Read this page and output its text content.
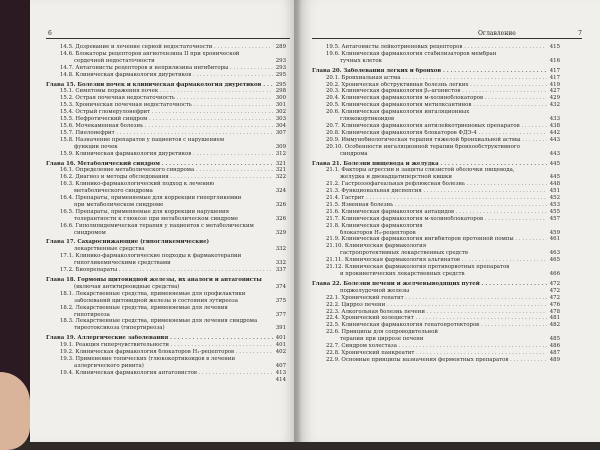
6
14.5. Дозревание и лечение серной недостаточности . . .	289
14.6. Блокаторы рецепторов ангиотензина II при хронической
сердечной недостаточности	293
14.7. Антагонисты рецепторов и неприлизина ингибиторы . . .	293
14.8. Клиническая фармакология диуретиков . . .	295
Глава 15. Болезни почек и клиническая фармакология диуретиков . . .	295
15.1. Симптомы поражения почек . . .	298
15.2. Острая почечная недостаточность . . .	300
15.3. Хроническая почечная недостаточность . . .	301
15.4. Острый гломерулонефрит . . .	302
15.5. Нефротический синдром . . .	303
15.6. Мочекаменная болезнь . . .	304
15.7. Пиелонефрит . . .	307
15.8. Назначение препаратов у пациентов с нарушением
функции почек	309
15.9. Клиническая фармакология диуретиков . . .	312
Глава 16. Метаболический синдром . . .	321
16.1. Определение метаболического синдрома . . .	321
16.2. Диагноз и методы обследования . . .	322
16.3. Клинико-фармакологический подход к лечению
метаболического синдрома	324
16.4. Препараты, применяемые для коррекции гипергликемии
при метаболическом синдроме	326
16.5. Препараты, применяемые для коррекции нарушения
толерантности к глюкозе при метаболическом синдроме	326
16.6. Гиполипидемическая терапия у пациентов с метаболическим
синдромом	329
Глава 17. Сахароснижающие (гипогликемические)
лекарственные средства	332
17.1. Клинико-фармакологические подходы к фармакотерапии
гипогликемическими средствами	332
17.2. Биопрепараты . . .	337
Глава 18. Гормоны щитовидной железы, их аналоги и антагонисты
(включая антитиреоидные средства)	374
18.1. Лекарственные средства, применяемые для профилактики
заболеваний щитовидной железы и состояния эутиреоза	375
18.2. Лекарственные средства, применяемые для лечения
гипотиреоза	377
18.3. Лекарственные средства, применяемые для лечения синдрома
тиреотоксикоза (гипертиреоза)	391
Глава 19. Аллергические заболевания . . .	401
19.1. Реакция гиперчувствительности . . .	401
19.2. Клиническая фармакология блокаторов H₁-рецепторов . . .	402
19.3. Применение топических (глюкокортикоидов в лечении
аллергического ринита)	407
19.4. Клиническая фармакология антагонистов . . .	413
414
Оглавление	7
19.5. Антагонисты лейкотриеновых рецепторов . . .	415
19.6. Клиническая фармакология стабилизаторов мембран
тучных клеток	416
Глава 20. Заболевания легких и бронхов . . .	417
20.1. Бронхиальная астма . . .	417
20.2. Хроническая обструктивная болезнь легких . . .	419
20.3. Клиническая фармакология β₂-агонистов . . .	427
20.4. Клиническая фармакология м-холиноблокаторов . . .	429
20.5. Клиническая фармакология метилксантинов . . .	432
20.6. Клиническая фармакология ингаляционных
глюкокортикоидов	433
20.7. Клиническая фармакология антилейкотриеновых препаратов . . .	438
20.8. Клиническая фармакология блокаторов ФДЭ-4 . . .	442
20.9. Иммунобиологическая терапия тяжелой бронхиальной астмы . . .	443
20.10. Особенности ингаляционной терапии бронхообструктивного
синдрома	443
Глава 21. Болезни пищевода и желудка . . .	445
21.1. Факторы агрессии и защиты слизистой оболочки пищевода,
желудка и двенадцатиперстной кишки	445
21.2. Гастроэзофагеальная рефлюксная болезнь . . .	448
21.3. Функциональная диспепсия . . .	451
21.4. Гастрит . . .	452
21.5. Язвенная болезнь . . .	453
21.6. Клиническая фармакология антацидов . . .	455
21.7. Клиническая фармакология м-холиноблокаторов . . .	457
21.8. Клиническая фармакология
блокаторов H₂-рецепторов	459
21.9. Клиническая фармакология ингибиторов протонной помпы . . .	461
21.10. Клиническая фармакология
гастропротективных лекарственных средств	463
21.11. Клиническая фармакология альгинатов . . .	465
21.12. Клиническая фармакология противорвотных препаратов
и прокинетических лекарственных средств	466
Глава 22. Болезни печени и желчевыводящих путей . . .	472
поджелудочной железы	472
22.1. Хронический гепатит . . .	472
22.2. Цирроз печени . . .	476
22.3. Алкогольная болезнь печени . . .	478
22.4. Хронический холецистит . . .	481
22.5. Клиническая фармакология гепатопротекторов . . .	482
22.6. Принципы для сопроводительной
терапии при циррозе печени	485
22.7. Синдром холестаза . . .	486
22.8. Хронический панкреатит . . .	487
22.9. Основные принципы назначения ферментных препаратов . . .	489
